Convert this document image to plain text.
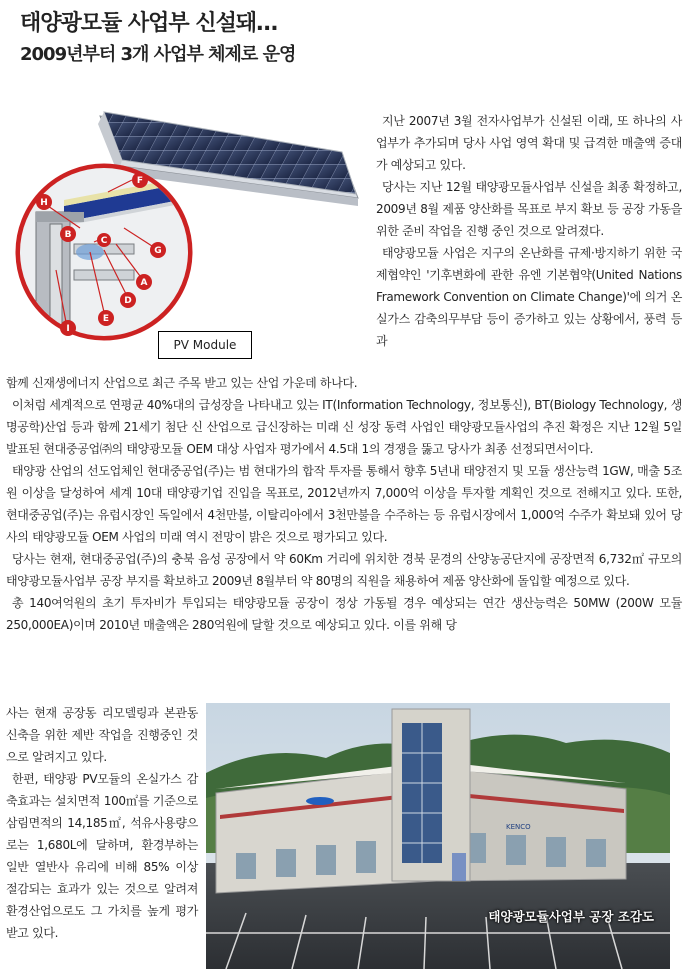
태양광모듈 사업부 신설돼…
2009년부터 3개 사업부 체제로 운영
F
H
B
C
G
A
D
E
I
PV Module

지난 2007년 3월 전자사업부가 신설된 이래, 또 하나의 사업부가 추가되며 당사 사업 영역 확대 및 급격한 매출액 증대가 예상되고 있다.

당사는 지난 12월 태양광모듈사업부 신설을 최종 확정하고, 2009년 8월 제품 양산화를 목표로 부지 확보 등 공장 가동을 위한 준비 작업을 진행 중인 것으로 알려졌다.

태양광모듈 사업은 지구의 온난화를 규제·방지하기 위한 국제협약인 '기후변화에 관한 유엔 기본협약(United Nations Framework Convention on Climate Change)'에 의거 온실가스 감축의무부담 등이 증가하고 있는 상황에서, 풍력 등과

함께 신재생에너지 산업으로 최근 주목 받고 있는 산업 가운데 하나다.

이처럼 세계적으로 연평균 40%대의 급성장을 나타내고 있는 IT(Information Technology, 정보통신), BT(Biology Technology, 생명공학)산업 등과 함께 21세기 첨단 신 산업으로 급신장하는 미래 신 성장 동력 사업인 태양광모듈사업의 추진 확정은 지난 12월 5일 발표된 현대중공업㈜의 태양광모듈 OEM 대상 사업자 평가에서 4.5대 1의 경쟁을 뚫고 당사가 최종 선정되면서이다.

태양광 산업의 선도업체인 현대중공업(주)는 범 현대가의 합작 투자를 통해서 향후 5년내 태양전지 및 모듈 생산능력 1GW, 매출 5조원 이상을 달성하여 세계 10대 태양광기업 진입을 목표로, 2012년까지 7,000억 이상을 투자할 계획인 것으로 전해지고 있다. 또한, 현대중공업(주)는 유럽시장인 독일에서 4천만불, 이탈리아에서 3천만불을 수주하는 등 유럽시장에서 1,000억 수주가 확보돼 있어 당사의 태양광모듈 OEM 사업의 미래 역시 전망이 밝은 것으로 평가되고 있다.

당사는 현재, 현대중공업(주)의 충북 음성 공장에서 약 60Km 거리에 위치한 경북 문경의 산양농공단지에 공장면적 6,732㎡ 규모의 태양광모듈사업부 공장 부지를 확보하고 2009년 8월부터 약 80명의 직원을 채용하여 제품 양산화에 돌입할 예정으로 있다.

총 140여억원의 초기 투자비가 투입되는 태양광모듈 공장이 정상 가동될 경우 예상되는 연간 생산능력은 50MW (200W 모듈 250,000EA)이며 2010년 매출액은 280억원에 달할 것으로 예상되고 있다. 이를 위해 당

사는 현재 공장동 리모델링과 본관동 신축을 위한 제반 작업을 진행중인 것으로 알려지고 있다.

한편, 태양광 PV모듈의 온실가스 감축효과는 설치면적 100㎡를 기준으로 삼림면적의 14,185㎡, 석유사용량으로는 1,680L에 달하며, 환경부하는 일반 열반사 유리에 비해 85% 이상 절감되는 효과가 있는 것으로 알려져 환경산업으로도 그 가치를 높게 평가 받고 있다.

KENCO
태양광모듈사업부 공장 조감도
